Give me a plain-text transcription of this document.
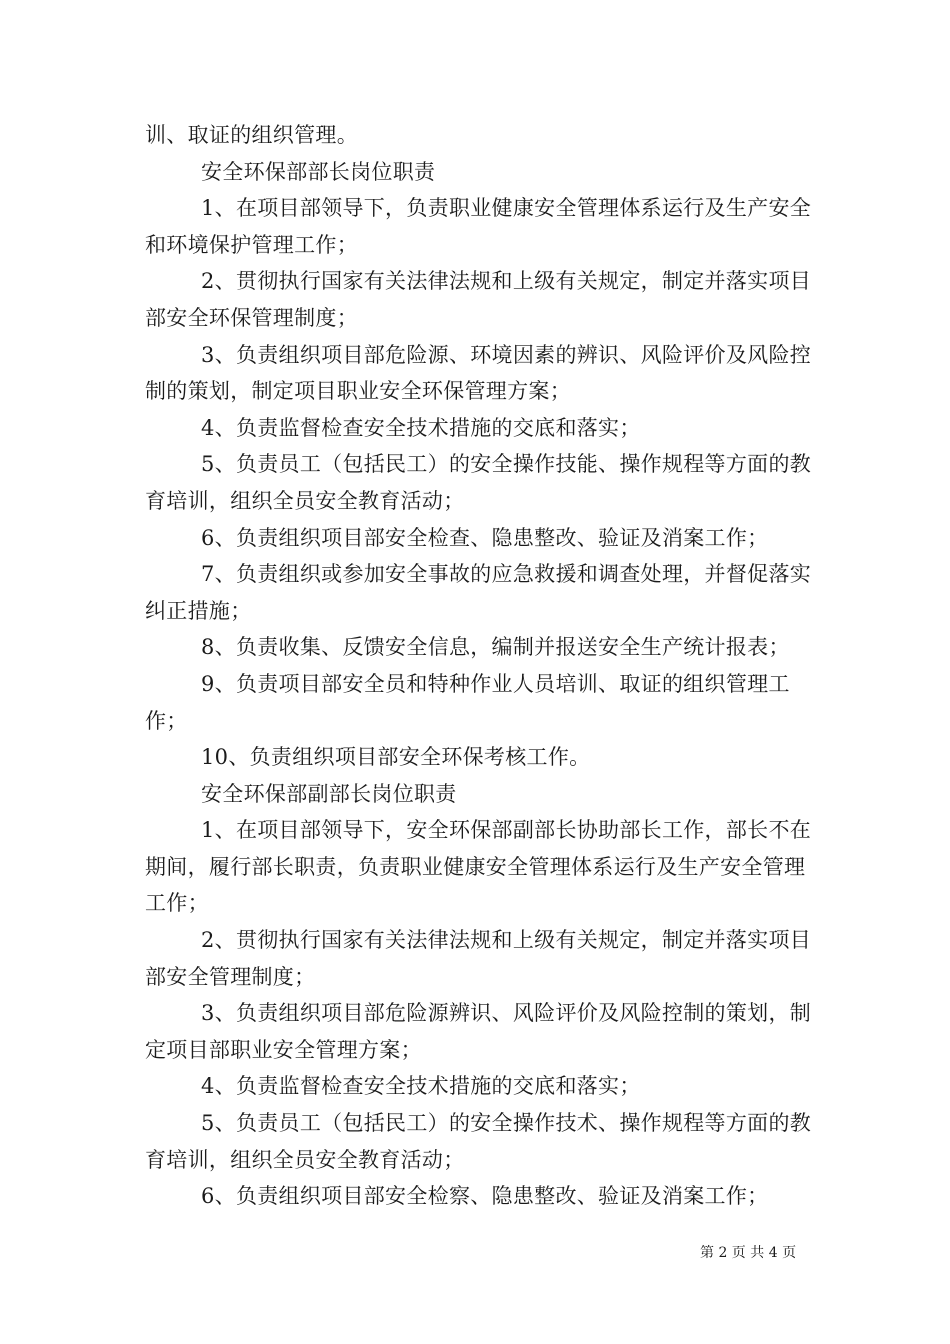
训、取证的组织管理。

安全环保部部长岗位职责

1、在项目部领导下，负责职业健康安全管理体系运行及生产安全和环境保护管理工作；

2、贯彻执行国家有关法律法规和上级有关规定，制定并落实项目部安全环保管理制度；

3、负责组织项目部危险源、环境因素的辨识、风险评价及风险控制的策划，制定项目职业安全环保管理方案；

4、负责监督检查安全技术措施的交底和落实；

5、负责员工（包括民工）的安全操作技能、操作规程等方面的教育培训，组织全员安全教育活动；

6、负责组织项目部安全检查、隐患整改、验证及消案工作；

7、负责组织或参加安全事故的应急救援和调查处理，并督促落实纠正措施；

8、负责收集、反馈安全信息，编制并报送安全生产统计报表；

9、负责项目部安全员和特种作业人员培训、取证的组织管理工作；

10、负责组织项目部安全环保考核工作。

安全环保部副部长岗位职责

1、在项目部领导下，安全环保部副部长协助部长工作，部长不在期间，履行部长职责，负责职业健康安全管理体系运行及生产安全管理工作；

2、贯彻执行国家有关法律法规和上级有关规定，制定并落实项目部安全管理制度；

3、负责组织项目部危险源辨识、风险评价及风险控制的策划，制定项目部职业安全管理方案；

4、负责监督检查安全技术措施的交底和落实；

5、负责员工（包括民工）的安全操作技术、操作规程等方面的教育培训，组织全员安全教育活动；

6、负责组织项目部安全检察、隐患整改、验证及消案工作；

第 2 页 共 4 页
